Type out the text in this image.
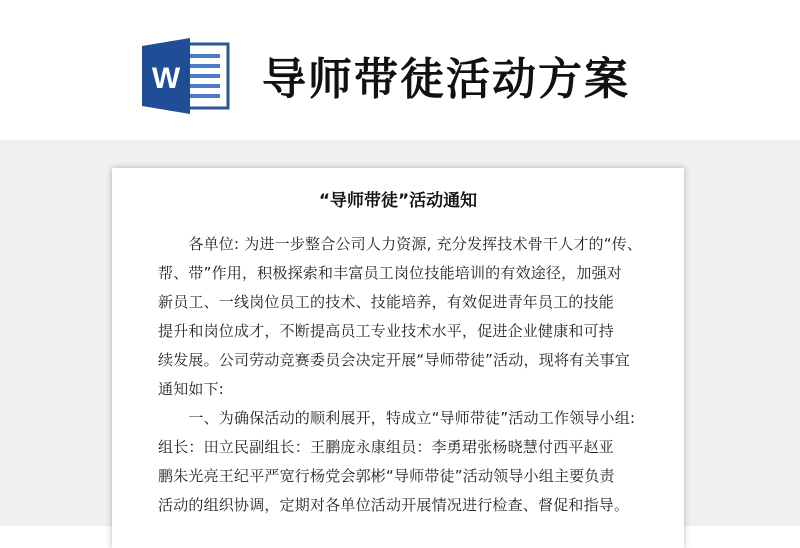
W 导师带徒活动方案
“导师带徒”活动通知
　　各单位: 为进一步整合公司人力资源, 充分发挥技术骨干人才的“传、
帮、带”作用，积极探索和丰富员工岗位技能培训的有效途径，加强对
新员工、一线岗位员工的技术、技能培养，有效促进青年员工的技能
提升和岗位成才，不断提高员工专业技术水平，促进企业健康和可持
续发展。公司劳动竞赛委员会决定开展“导师带徒”活动，现将有关事宜
通知如下:
　　一、为确保活动的顺利展开，特成立“导师带徒”活动工作领导小组:
组长：田立民副组长：王鹏庞永康组员：李勇珺张杨晓慧付西平赵亚
鹏朱光亮王纪平严宽行杨党会郭彬“导师带徒”活动领导小组主要负责
活动的组织协调，定期对各单位活动开展情况进行检查、督促和指导。
